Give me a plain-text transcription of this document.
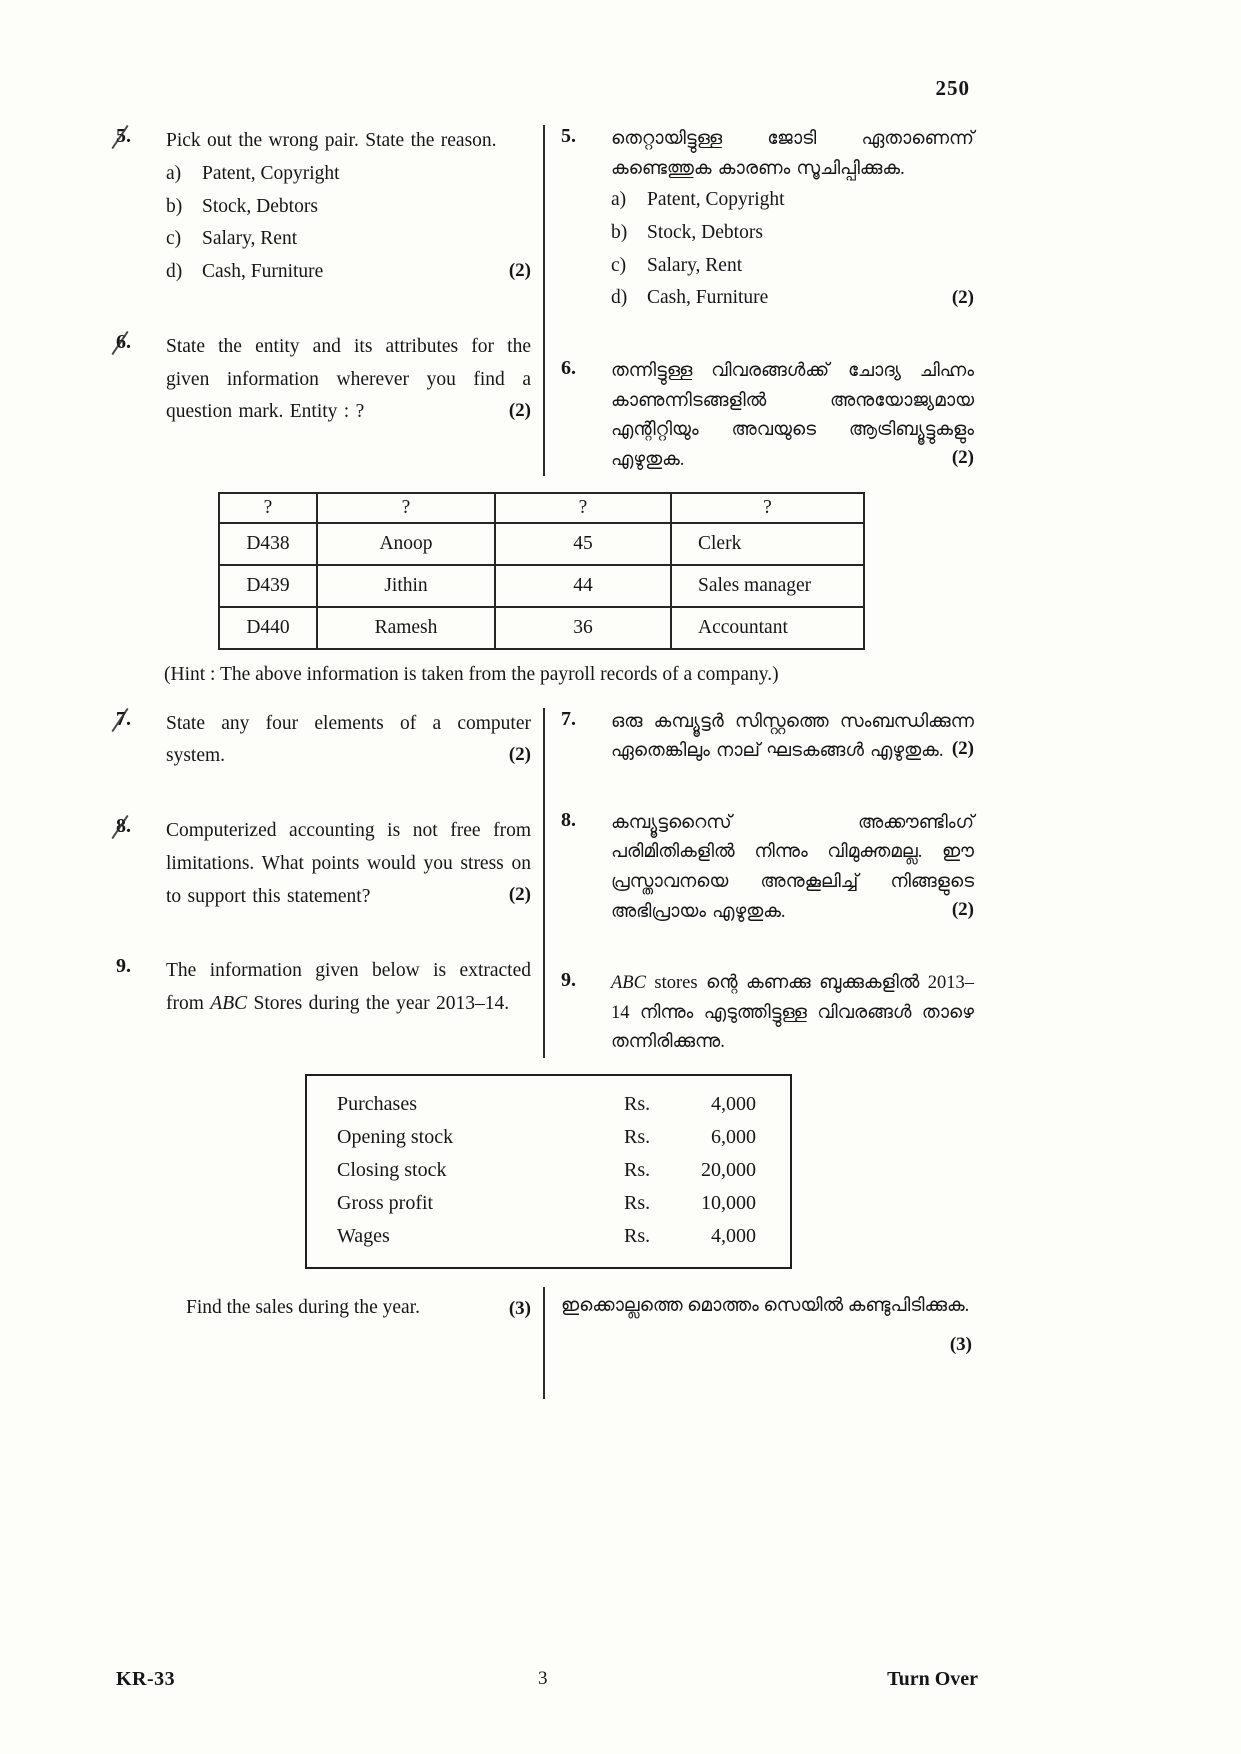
250
5.	Pick out the wrong pair. State the reason.
a)	Patent, Copyright
b)	Stock, Debtors
c)	Salary, Rent
d)	Cash, Furniture	(2)
6.	State the entity and its attributes for the given information wherever you find a question mark. Entity : ?	(2)
5.	തെറ്റായിട്ടുള്ള ജോടി ഏതാണെന്ന് കണ്ടെത്തുക കാരണം സൂചിപ്പിക്കുക.
a)	Patent, Copyright
b)	Stock, Debtors
c)	Salary, Rent
d)	Cash, Furniture	(2)
6.	തന്നിട്ടുള്ള വിവരങ്ങൾക്ക് ചോദ്യ ചിഹ്നം കാണുന്നിടങ്ങളിൽ അനുയോജ്യമായ എന്റിറ്റിയും അവയുടെ ആട്രിബ്യൂട്ടുകളും എഴുതുക.	(2)
?	?	?	?
D438	Anoop	45	Clerk
D439	Jithin	44	Sales manager
D440	Ramesh	36	Accountant
(Hint : The above information is taken from the payroll records of a company.)
7.	State any four elements of a computer system.	(2)
8.	Computerized accounting is not free from limitations. What points would you stress on to support this statement?	(2)
9.	The information given below is extracted from ABC Stores during the year 2013–14.
7.	ഒരു കമ്പ്യൂട്ടർ സിസ്റ്റത്തെ സംബന്ധിക്കുന്ന ഏതെങ്കിലും നാല് ഘടകങ്ങൾ എഴുതുക. (2)
8.	കമ്പ്യൂട്ടറൈസ് അക്കൗണ്ടിംഗ് പരിമിതികളിൽ നിന്നും വിമുക്തമല്ല. ഈ പ്രസ്താവനയെ അനുകൂലിച്ച് നിങ്ങളുടെ അഭിപ്രായം എഴുതുക.	(2)
9.	ABC stores ന്റെ കണക്കു ബുക്കുകളിൽ 2013–14 നിന്നും എടുത്തിട്ടുള്ള വിവരങ്ങൾ താഴെ തന്നിരിക്കുന്നു.
Purchases	Rs.	4,000
Opening stock	Rs.	6,000
Closing stock	Rs.	20,000
Gross profit	Rs.	10,000
Wages	Rs.	4,000
Find the sales during the year.	(3) ഇക്കൊല്ലത്തെ മൊത്തം സെയിൽ കണ്ടുപിടിക്കുക.
(3)
KR-33	3	Turn Over
